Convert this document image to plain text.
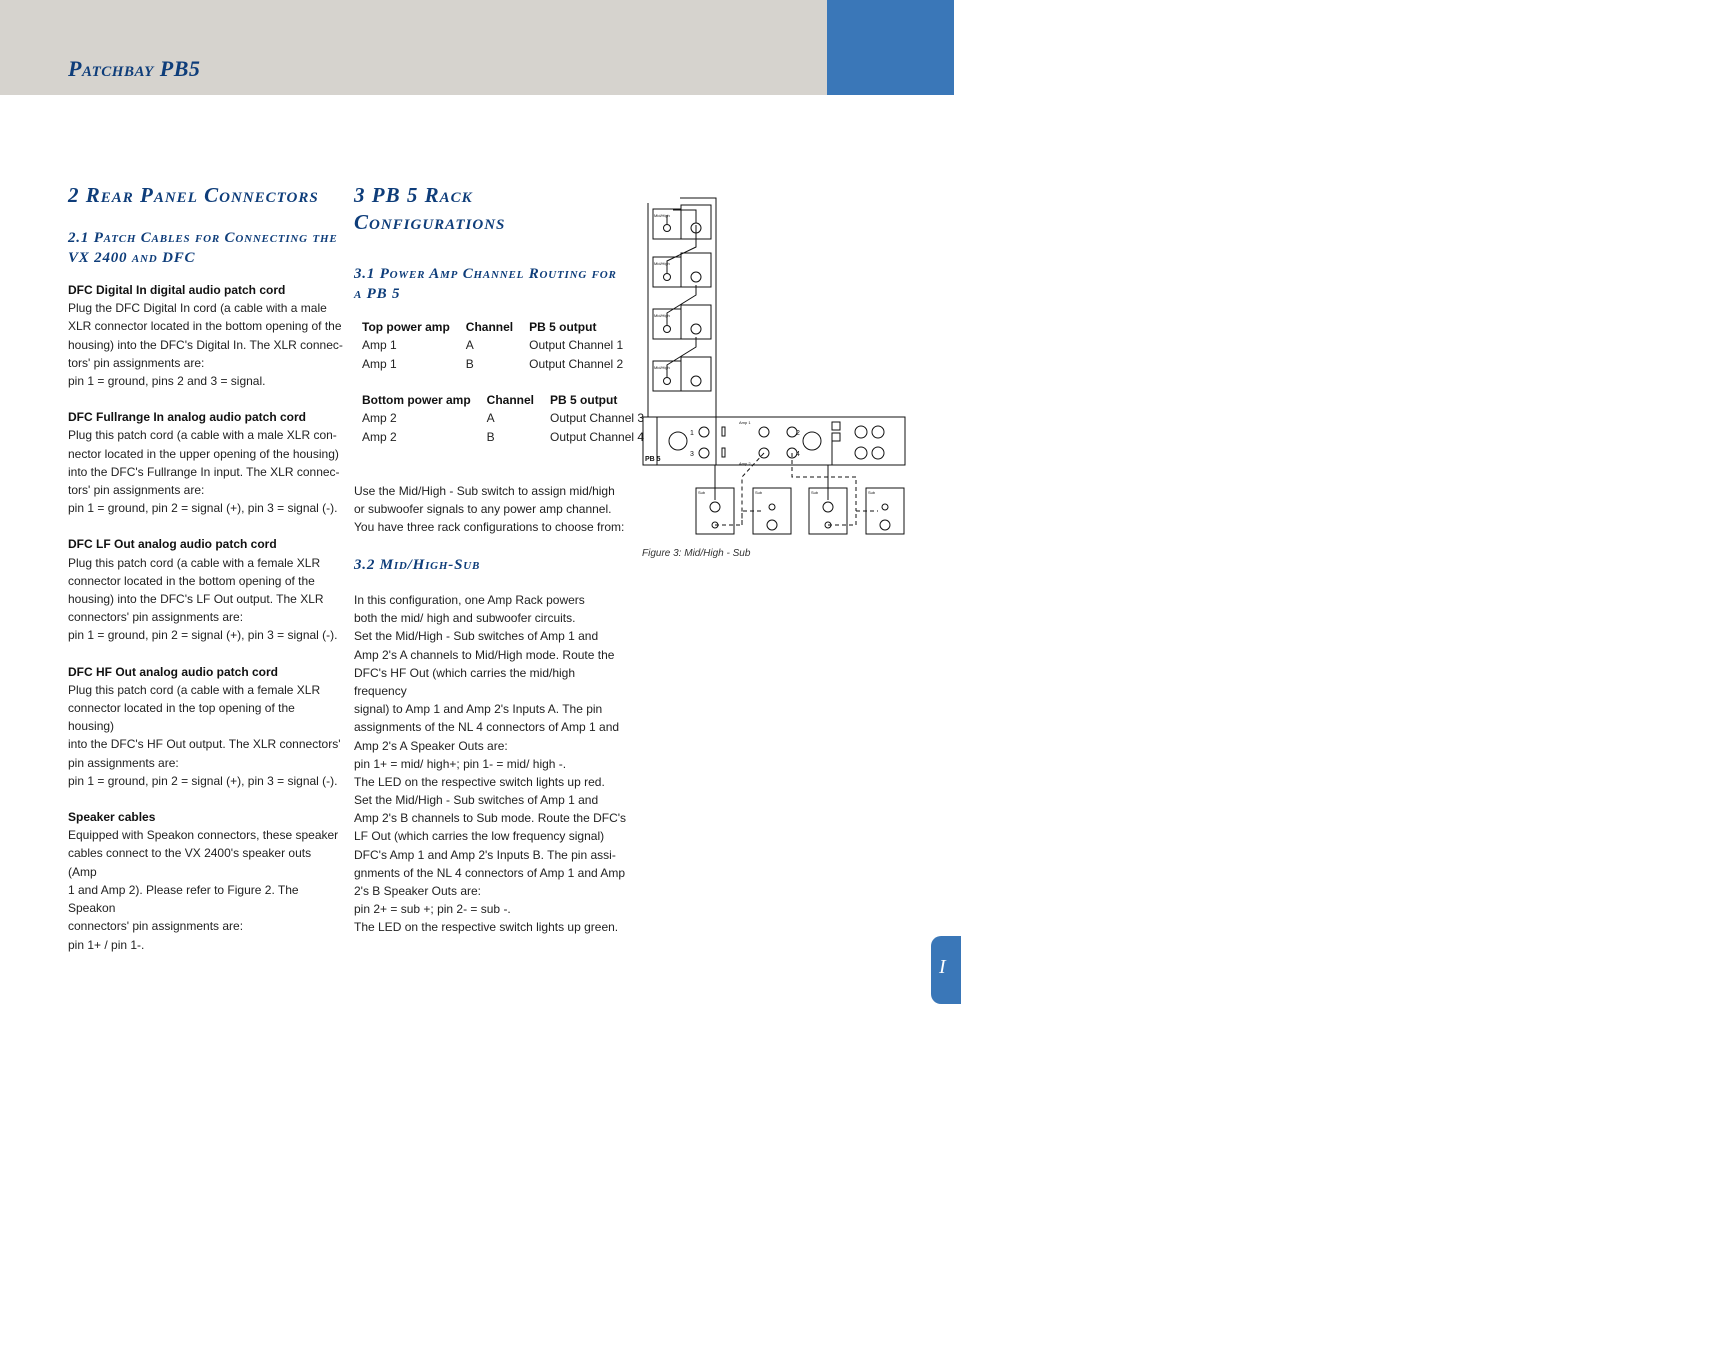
Patchbay PB5	93
I
2 Rear Panel Connectors
2.1 Patch Cables for Connecting the VX 2400 and DFC

DFC Digital In digital audio patch cord

Plug the DFC Digital In cord (a cable with a male

XLR connector located in the bottom opening of the

housing) into the DFC's Digital In. The XLR connec-

tors' pin assignments are:

pin 1 = ground, pins 2 and 3 = signal.

DFC Fullrange In analog audio patch cord

Plug this patch cord (a cable with a male XLR con-

nector located in the upper opening of the housing)

into the DFC's Fullrange In input. The XLR connec-

tors' pin assignments are:

pin 1 = ground, pin 2 = signal (+), pin 3 = signal (-).

DFC LF Out analog audio patch cord

Plug this patch cord (a cable with a female XLR

connector located in the bottom opening of the

housing) into the DFC's LF Out output. The XLR

connectors' pin assignments are:

pin 1 = ground, pin 2 = signal (+), pin 3 = signal (-).

DFC HF Out analog audio patch cord

Plug this patch cord (a cable with a female XLR

connector located in the top opening of the housing)

into the DFC's HF Out output. The XLR connectors'

pin assignments are:

pin 1 = ground, pin 2 = signal (+), pin 3 = signal (-).

Speaker cables

Equipped with Speakon connectors, these speaker

cables connect to the VX 2400's speaker outs (Amp

1 and Amp 2). Please refer to Figure 2. The Speakon

connectors' pin assignments are:

pin 1+ / pin 1-.

3 PB 5 Rack Configurations
3.1 Power Amp Channel Routing for a PB 5
Top power amp	Channel	PB 5 output
Amp 1	A	Output Channel 1
Amp 1	B	Output Channel 2
Bottom power amp	Channel	PB 5 output
Amp 2	A	Output Channel 3
Amp 2	B	Output Channel 4

Use the Mid/High - Sub switch to assign mid/high

or subwoofer signals to any power amp channel.

You have three rack configurations to choose from:

3.2 Mid/High-Sub

In this configuration, one Amp Rack powers

both the mid/ high and subwoofer circuits.

Set the Mid/High - Sub switches of Amp 1 and

Amp 2's A channels to Mid/High mode. Route the

DFC's HF Out (which carries the mid/high frequency

signal) to Amp 1 and Amp 2's Inputs A. The pin

assignments of the NL 4 connectors of Amp 1 and

Amp 2's A Speaker Outs are:

pin 1+ = mid/ high+; pin 1- = mid/ high -.

The LED on the respective switch lights up red.

Set the Mid/High - Sub switches of Amp 1 and

Amp 2's B channels to Sub mode. Route the DFC's

LF Out (which carries the low frequency signal)

DFC's Amp 1 and Amp 2's Inputs B. The pin assi-

gnments of the NL 4 connectors of Amp 1 and Amp

2's B Speaker Outs are:

pin 2+ = sub +; pin 2- = sub -.

The LED on the respective switch lights up green.

Mid/High
Mid/High
Mid/High
Mid/High
PB 5
Amp 1
Amp 2
1	2
3	4
Sub	Sub	Sub	Sub
Figure 3: Mid/High - Sub
